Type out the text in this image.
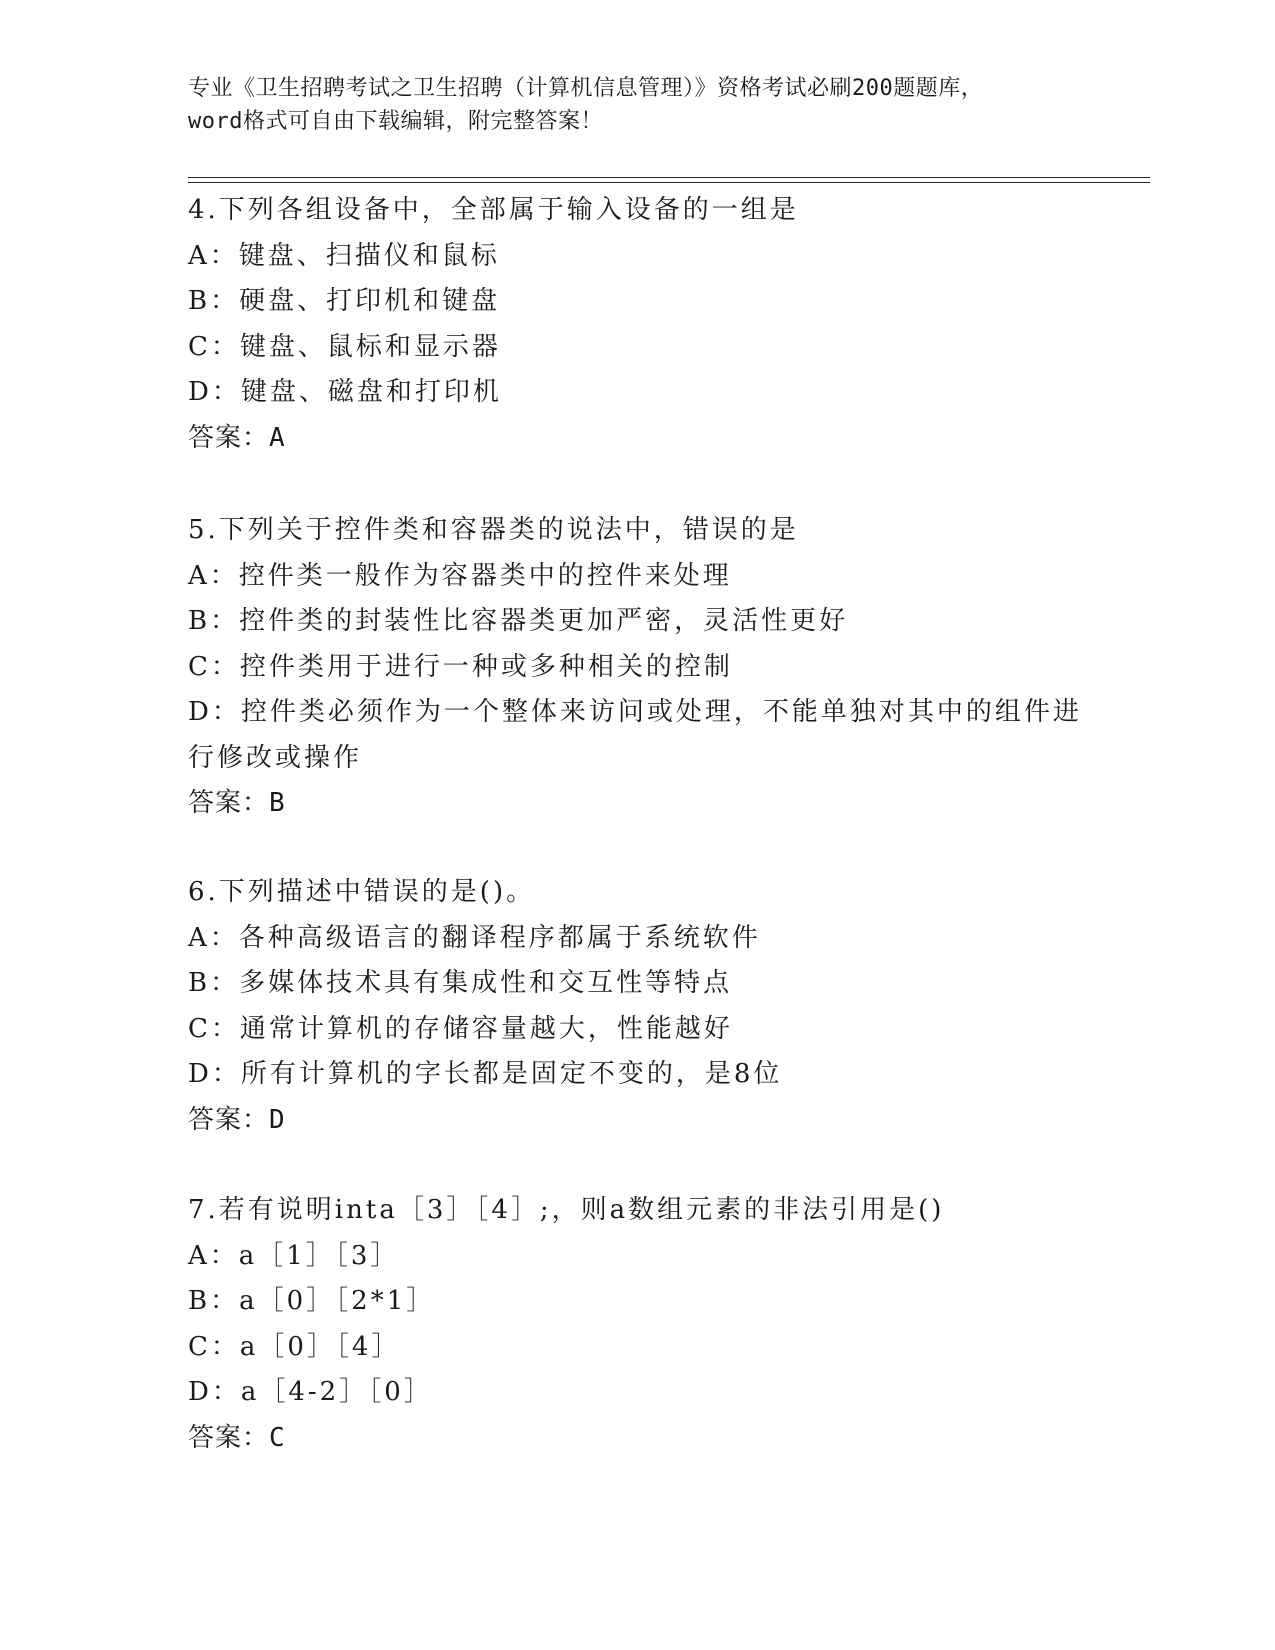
专业《卫生招聘考试之卫生招聘（计算机信息管理）》资格考试必刷200题题库，

word格式可自由下载编辑，附完整答案！

4.下列各组设备中，全部属于输入设备的一组是
A：键盘、扫描仪和鼠标
B：硬盘、打印机和键盘
C：键盘、鼠标和显示器
D：键盘、磁盘和打印机
答案：A
5.下列关于控件类和容器类的说法中，错误的是
A：控件类一般作为容器类中的控件来处理
B：控件类的封装性比容器类更加严密，灵活性更好
C：控件类用于进行一种或多种相关的控制
D：控件类必须作为一个整体来访问或处理，不能单独对其中的组件进
行修改或操作
答案：B
6.下列描述中错误的是()。
A：各种高级语言的翻译程序都属于系统软件
B：多媒体技术具有集成性和交互性等特点
C：通常计算机的存储容量越大，性能越好
D：所有计算机的字长都是固定不变的，是8位
答案：D
7.若有说明inta［3］［4］;，则a数组元素的非法引用是()
A：a［1］［3］
B：a［0］［2*1］
C：a［0］［4］
D：a［4-2］［0］
答案：C
